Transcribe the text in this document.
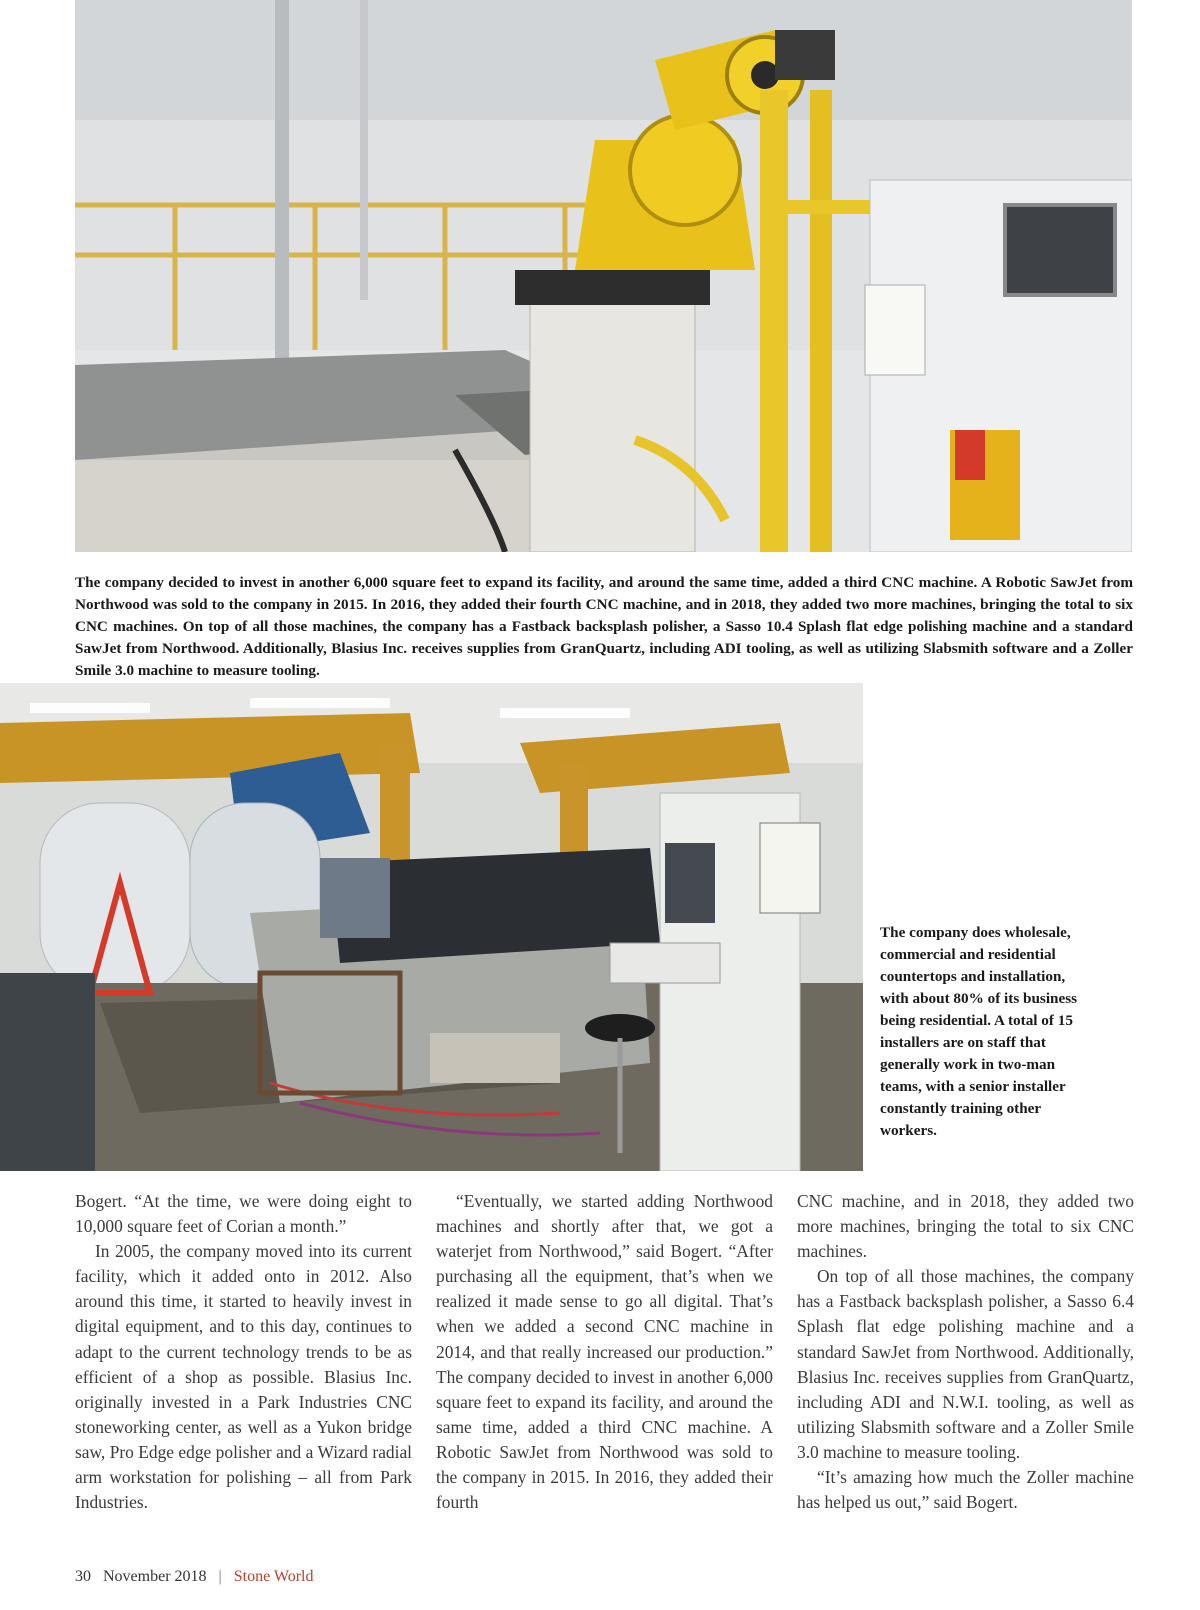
The company decided to invest in another 6,000 square feet to expand its facility, and around the same time, added a third CNC machine. A Robotic SawJet from Northwood was sold to the company in 2015. In 2016, they added their fourth CNC machine, and in 2018, they added two more machines, bringing the total to six CNC machines. On top of all those machines, the company has a Fastback backsplash polisher, a Sasso 10.4 Splash flat edge polishing machine and a standard SawJet from Northwood. Additionally, Blasius Inc. receives supplies from GranQuartz, including ADI tooling, as well as utilizing Slabsmith software and a Zoller Smile 3.0 machine to measure tooling.

The company does wholesale, commercial and residential countertops and installation, with about 80% of its business being residential. A total of 15 installers are on staff that generally work in two-man teams, with a senior installer constantly training other workers.

Bogert. “At the time, we were doing eight to 10,000 square feet of Corian a month.”

In 2005, the company moved into its current facility, which it added onto in 2012. Also around this time, it started to heavily invest in digital equipment, and to this day, continues to adapt to the current technology trends to be as efficient of a shop as possible. Blasius Inc. originally invested in a Park Industries CNC stoneworking center, as well as a Yukon bridge saw, Pro Edge edge polisher and a Wizard radial arm workstation for polishing – all from Park Industries.

“Eventually, we started adding Northwood machines and shortly after that, we got a waterjet from Northwood,” said Bogert. “After purchasing all the equipment, that’s when we realized it made sense to go all digital. That’s when we added a second CNC machine in 2014, and that really increased our production.” The company decided to invest in another 6,000 square feet to expand its facility, and around the same time, added a third CNC machine. A Robotic SawJet from Northwood was sold to the company in 2015. In 2016, they added their fourth

CNC machine, and in 2018, they added two more machines, bringing the total to six CNC machines.

On top of all those machines, the company has a Fastback backsplash polisher, a Sasso 6.4 Splash flat edge polishing machine and a standard SawJet from Northwood. Additionally, Blasius Inc. receives supplies from GranQuartz, including ADI and N.W.I. tooling, as well as utilizing Slabsmith software and a Zoller Smile 3.0 machine to measure tooling.

“It’s amazing how much the Zoller machine has helped us out,” said Bogert.

30 November 2018 | Stone World
